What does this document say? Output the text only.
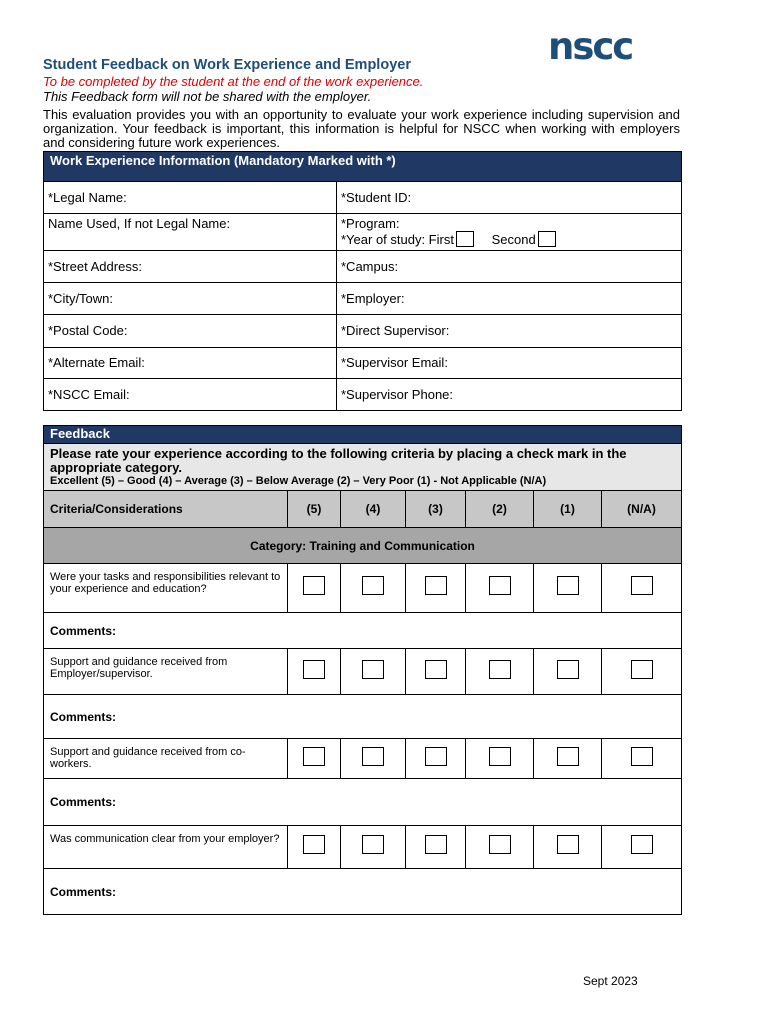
nscc
Student Feedback on Work Experience and Employer
To be completed by the student at the end of the work experience.
This Feedback form will not be shared with the employer.
This evaluation provides you with an opportunity to evaluate your work experience including supervision and organization. Your feedback is important, this information is helpful for NSCC when working with employers and considering future work experiences.
Work Experience Information (Mandatory Marked with *)	
*Legal Name:	*Student ID:
Name Used, If not Legal Name:	*Program:
*Year of study: First Second

*Street Address:	*Campus:
*City/Town:	*Employer:
*Postal Code:	*Direct Supervisor:
*Alternate Email:	*Supervisor Email:
*NSCC Email:	*Supervisor Phone:
Feedback						

Please rate your experience according to the following criteria by placing a check mark in the appropriate category.
Excellent (5) – Good (4) – Average (3) – Below Average (2) – Very Poor (1) - Not Applicable (N/A)						

Criteria/Considerations	(5)	(4)	(3)	(2)	(1)	(N/A)
Category: Training and Communication						
Were your tasks and responsibilities relevant to your experience and education?						
Comments:						
Support and guidance received from Employer/supervisor.						
Comments:						
Support and guidance received from co-workers.						
Comments:						
Was communication clear from your employer?						
Comments:						
Sept 2023
